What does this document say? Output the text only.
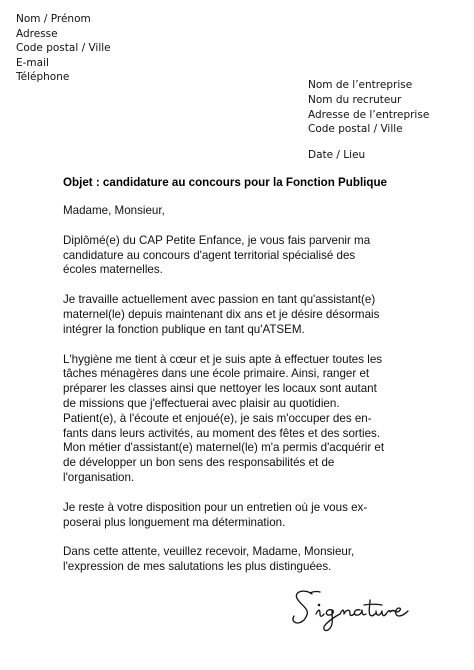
Nom / Prénom
Adresse
Code postal / Ville
E-mail
Téléphone
Nom de l’entreprise
Nom du recruteur
Adresse de l’entreprise
Code postal / Ville
Date / Lieu
Objet : candidature au concours pour la Fonction Publique

Madame, Monsieur,

Diplômé(e) du CAP Petite Enfance, je vous fais parvenir ma
candidature au concours d'agent territorial spécialisé des
écoles maternelles.

Je travaille actuellement avec passion en tant qu'assistant(e)
maternel(le) depuis maintenant dix ans et je désire désormais
intégrer la fonction publique en tant qu'ATSEM.

L'hygiène me tient à cœur et je suis apte à effectuer toutes les
tâches ménagères dans une école primaire. Ainsi, ranger et
préparer les classes ainsi que nettoyer les locaux sont autant
de missions que j'effectuerai avec plaisir au quotidien.
Patient(e), à l'écoute et enjoué(e), je sais m'occuper des en-
fants dans leurs activités, au moment des fêtes et des sorties.
Mon métier d'assistant(e) maternel(le) m'a permis d'acquérir et
de développer un bon sens des responsabilités et de
l'organisation.

Je reste à votre disposition pour un entretien où je vous ex-
poserai plus longuement ma détermination.

Dans cette attente, veuillez recevoir, Madame, Monsieur,
l'expression de mes salutations les plus distinguées.
